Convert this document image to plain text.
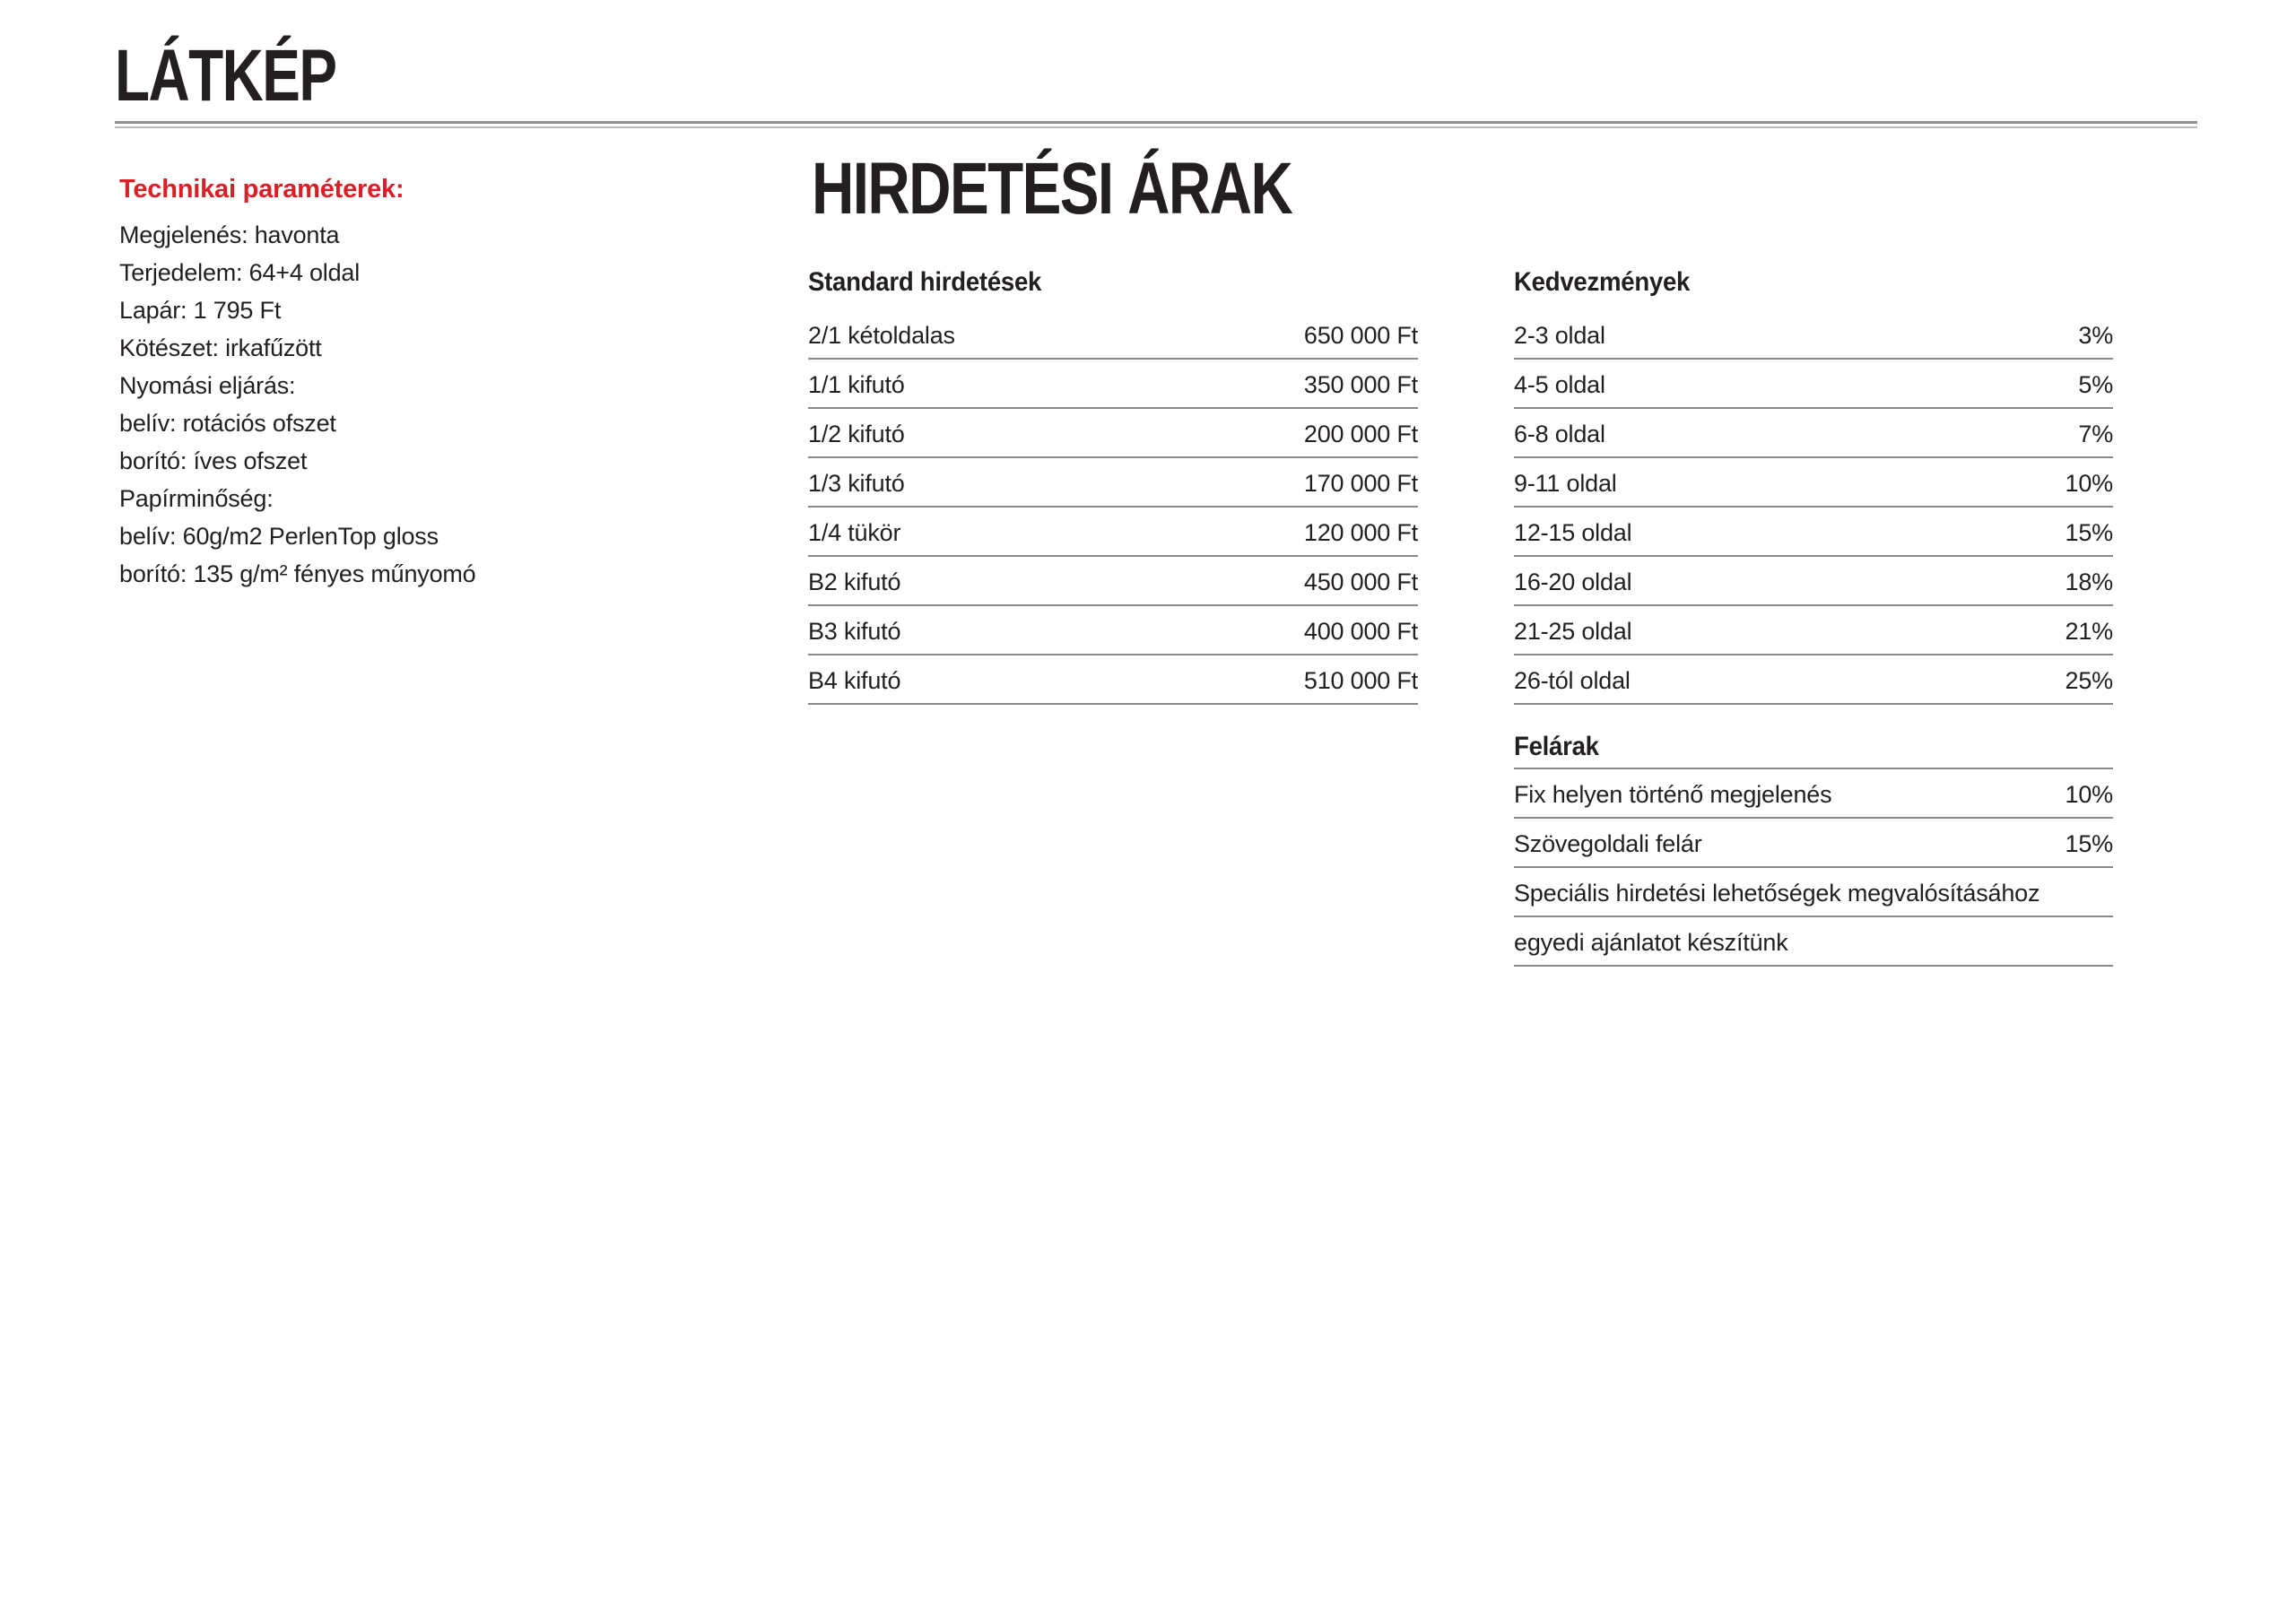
LÁTKÉP
Technikai paraméterek:
Megjelenés: havonta
Terjedelem: 64+4 oldal
Lapár: 1 795 Ft
Kötészet: irkafűzött
Nyomási eljárás:
belív: rotációs ofszet
borító: íves ofszet
Papírminőség:
belív: 60g/m2 PerlenTop gloss
borító: 135 g/m² fényes műnyomó
HIRDETÉSI ÁRAK
Standard hirdetések
2/1 kétoldalas	650 000 Ft
1/1 kifutó	350 000 Ft
1/2 kifutó	200 000 Ft
1/3 kifutó	170 000 Ft
1/4 tükör	120 000 Ft
B2 kifutó	450 000 Ft
B3 kifutó	400 000 Ft
B4 kifutó	510 000 Ft
Kedvezmények
2-3 oldal	3%
4-5 oldal	5%
6-8 oldal	7%
9-11 oldal	10%
12-15 oldal	15%
16-20 oldal	18%
21-25 oldal	21%
26-tól oldal	25%
Felárak
Fix helyen történő megjelenés	10%
Szövegoldali felár	15%
Speciális hirdetési lehetőségek megvalósításához
egyedi ajánlatot készítünk
